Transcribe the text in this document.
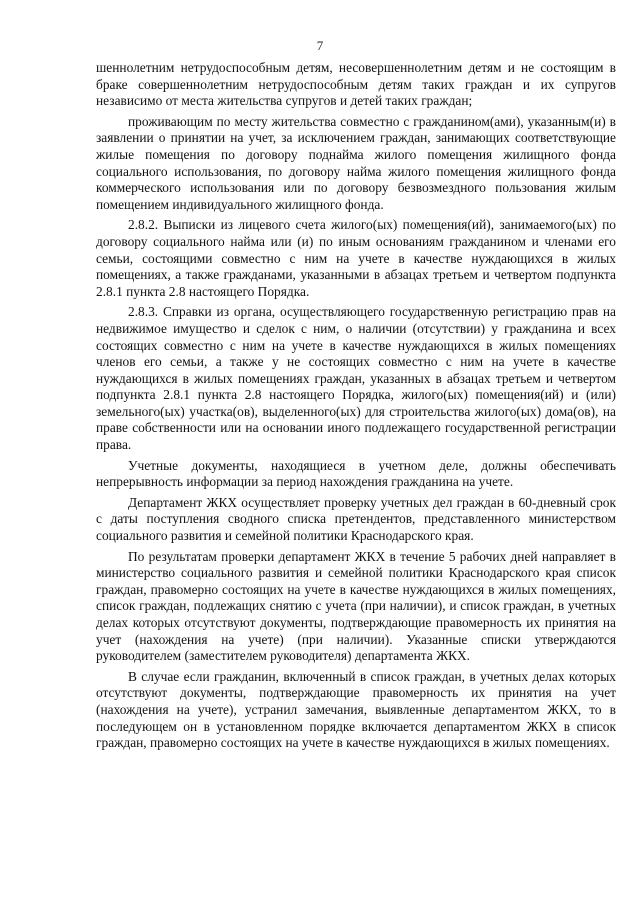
7

шеннолетним нетрудоспособным детям, несовершеннолетним детям и не состоящим в браке совершеннолетним нетрудоспособным детям таких граждан и их супругов независимо от места жительства супругов и детей таких граждан;

проживающим по месту жительства совместно с гражданином(ами), указанным(и) в заявлении о принятии на учет, за исключением граждан, занимающих соответствующие жилые помещения по договору поднайма жилого помещения жилищного фонда социального использования, по договору найма жилого помещения жилищного фонда коммерческого использования или по договору безвозмездного пользования жилым помещением индивидуального жилищного фонда.

2.8.2. Выписки из лицевого счета жилого(ых) помещения(ий), занимаемого(ых) по договору социального найма или (и) по иным основаниям гражданином и членами его семьи, состоящими совместно с ним на учете в качестве нуждающихся в жилых помещениях, а также гражданами, указанными в абзацах третьем и четвертом подпункта 2.8.1 пункта 2.8 настоящего Порядка.

2.8.3. Справки из органа, осуществляющего государственную регистрацию прав на недвижимое имущество и сделок с ним, о наличии (отсутствии) у гражданина и всех состоящих совместно с ним на учете в качестве нуждающихся в жилых помещениях членов его семьи, а также у не состоящих совместно с ним на учете в качестве нуждающихся в жилых помещениях граждан, указанных в абзацах третьем и четвертом подпункта 2.8.1 пункта 2.8 настоящего Порядка, жилого(ых) помещения(ий) и (или) земельного(ых) участка(ов), выделенного(ых) для строительства жилого(ых) дома(ов), на праве собственности или на основании иного подлежащего государственной регистрации права.

Учетные документы, находящиеся в учетном деле, должны обеспечивать непрерывность информации за период нахождения гражданина на учете.

Департамент ЖКХ осуществляет проверку учетных дел граждан в 60-дневный срок с даты поступления сводного списка претендентов, представленного министерством социального развития и семейной политики Краснодарского края.

По результатам проверки департамент ЖКХ в течение 5 рабочих дней направляет в министерство социального развития и семейной политики Краснодарского края список граждан, правомерно состоящих на учете в качестве нуждающихся в жилых помещениях, список граждан, подлежащих снятию с учета (при наличии), и список граждан, в учетных делах которых отсутствуют документы, подтверждающие правомерность их принятия на учет (нахождения на учете) (при наличии). Указанные списки утверждаются руководителем (заместителем руководителя) департамента ЖКХ.

В случае если гражданин, включенный в список граждан, в учетных делах которых отсутствуют документы, подтверждающие правомерность их принятия на учет (нахождения на учете), устранил замечания, выявленные департаментом ЖКХ, то в последующем он в установленном порядке включается департаментом ЖКХ в список граждан, правомерно состоящих на учете в качестве нуждающихся в жилых помещениях.
